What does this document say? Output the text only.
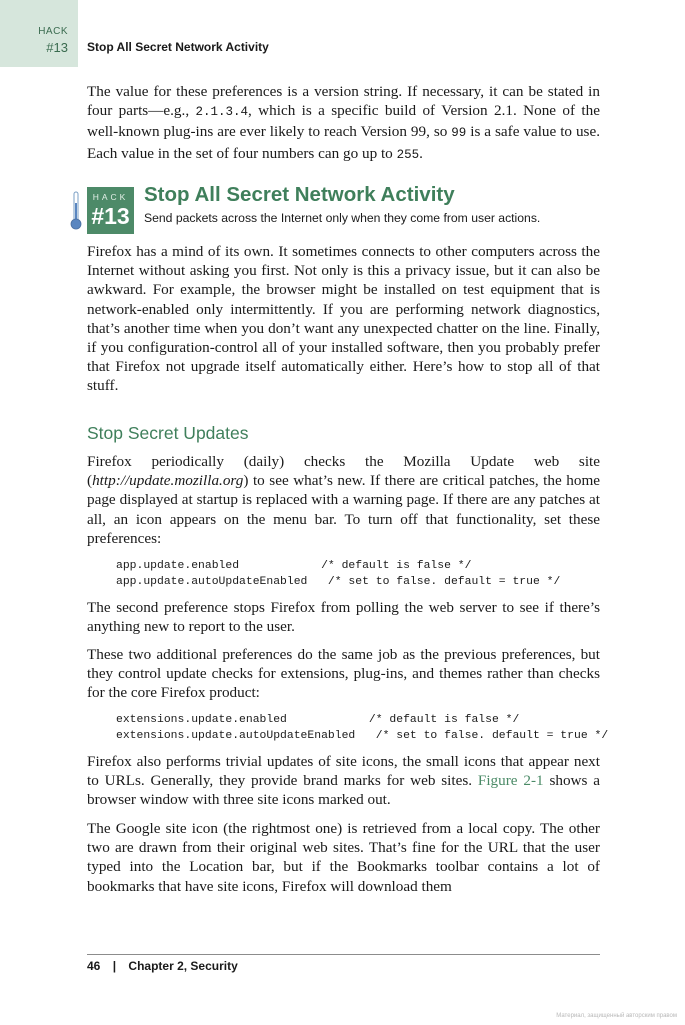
HACK
#13 Stop All Secret Network Activity

The value for these preferences is a version string. If necessary, it can be stated in four parts—e.g., 2.1.3.4, which is a specific build of Version 2.1. None of the well-known plug-ins are ever likely to reach Version 99, so 99 is a safe value to use. Each value in the set of four numbers can go up to 255.

HACK
#13
Stop All Secret Network Activity
Send packets across the Internet only when they come from user actions.

Firefox has a mind of its own. It sometimes connects to other computers across the Internet without asking you first. Not only is this a privacy issue, but it can also be awkward. For example, the browser might be installed on test equipment that is network-enabled only intermittently. If you are performing network diagnostics, that’s another time when you don’t want any unexpected chatter on the line. Finally, if you configuration-control all of your installed software, then you probably prefer that Firefox not upgrade itself automatically either. Here’s how to stop all of that stuff.

Stop Secret Updates

Firefox periodically (daily) checks the Mozilla Update web site (http://update.mozilla.org) to see what’s new. If there are critical patches, the home page displayed at startup is replaced with a warning page. If there are any patches at all, an icon appears on the menu bar. To turn off that functionality, set these preferences:

app.update.enabled            /* default is false */
app.update.autoUpdateEnabled   /* set to false. default = true */

The second preference stops Firefox from polling the web server to see if there’s anything new to report to the user.

These two additional preferences do the same job as the previous preferences, but they control update checks for extensions, plug-ins, and themes rather than checks for the core Firefox product:

extensions.update.enabled            /* default is false */
extensions.update.autoUpdateEnabled   /* set to false. default = true */

Firefox also performs trivial updates of site icons, the small icons that appear next to URLs. Generally, they provide brand marks for web sites. Figure 2-1 shows a browser window with three site icons marked out.

The Google site icon (the rightmost one) is retrieved from a local copy. The other two are drawn from their original web sites. That’s fine for the URL that the user typed into the Location bar, but if the Bookmarks toolbar contains a lot of bookmarks that have site icons, Firefox will download them

46 | Chapter 2, Security
Материал, защищенный авторским правом
